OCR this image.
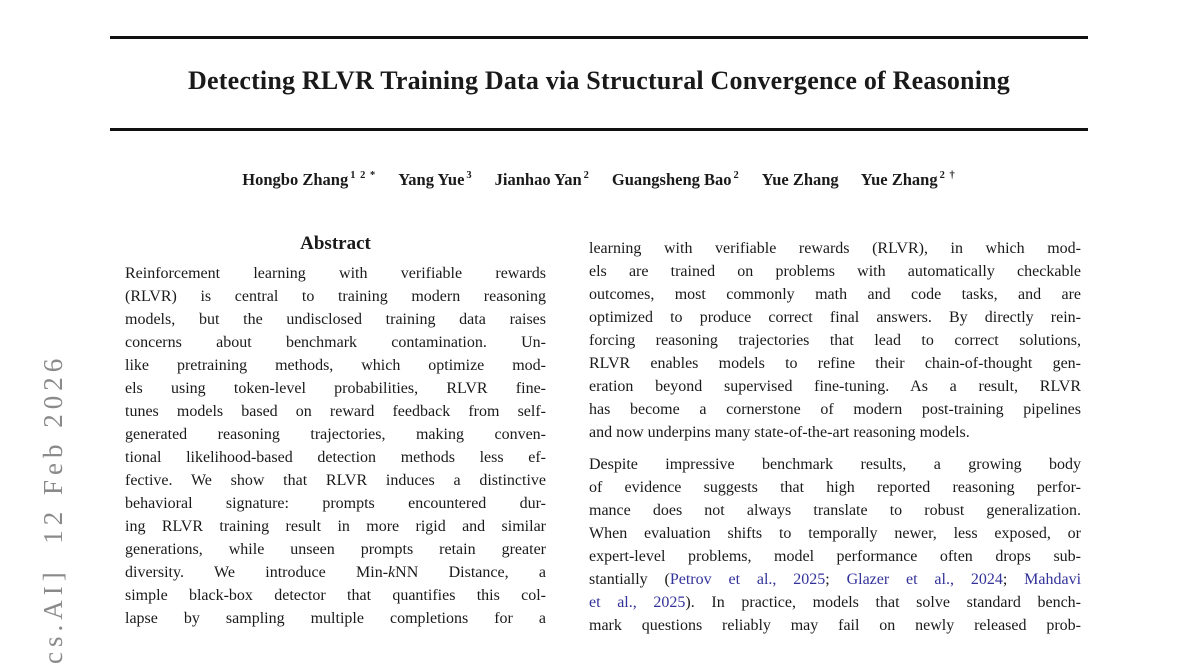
cs.AI]  12 Feb 2026
Detecting RLVR Training Data via Structural Convergence of Reasoning
Hongbo Zhang $^{1 2 *}$ Yang Yue $^3$ Jianhao Yan $^2$ Guangsheng Bao $^2$ Yue Zhang Yue Zhang $^{2 \dagger}$
Abstract
Reinforcement learning with verifiable rewards
(RLVR) is central to training modern reasoning
models, but the undisclosed training data raises
concerns about benchmark contamination. Un-
like pretraining methods, which optimize mod-
els using token-level probabilities, RLVR fine-
tunes models based on reward feedback from self-
generated reasoning trajectories, making conven-
tional likelihood-based detection methods less ef-
fective. We show that RLVR induces a distinctive
behavioral signature: prompts encountered dur-
ing RLVR training result in more rigid and similar
generations, while unseen prompts retain greater
diversity. We introduce Min-kNN Distance, a
simple black-box detector that quantifies this col-
lapse by sampling multiple completions for a
learning with verifiable rewards (RLVR), in which mod-
els are trained on problems with automatically checkable
outcomes, most commonly math and code tasks, and are
optimized to produce correct final answers. By directly rein-
forcing reasoning trajectories that lead to correct solutions,
RLVR enables models to refine their chain-of-thought gen-
eration beyond supervised fine-tuning. As a result, RLVR
has become a cornerstone of modern post-training pipelines
and now underpins many state-of-the-art reasoning models.
Despite impressive benchmark results, a growing body
of evidence suggests that high reported reasoning perfor-
mance does not always translate to robust generalization.
When evaluation shifts to temporally newer, less exposed, or
expert-level problems, model performance often drops sub-
stantially (Petrov et al., 2025; Glazer et al., 2024; Mahdavi
et al., 2025). In practice, models that solve standard bench-
mark questions reliably may fail on newly released prob-
